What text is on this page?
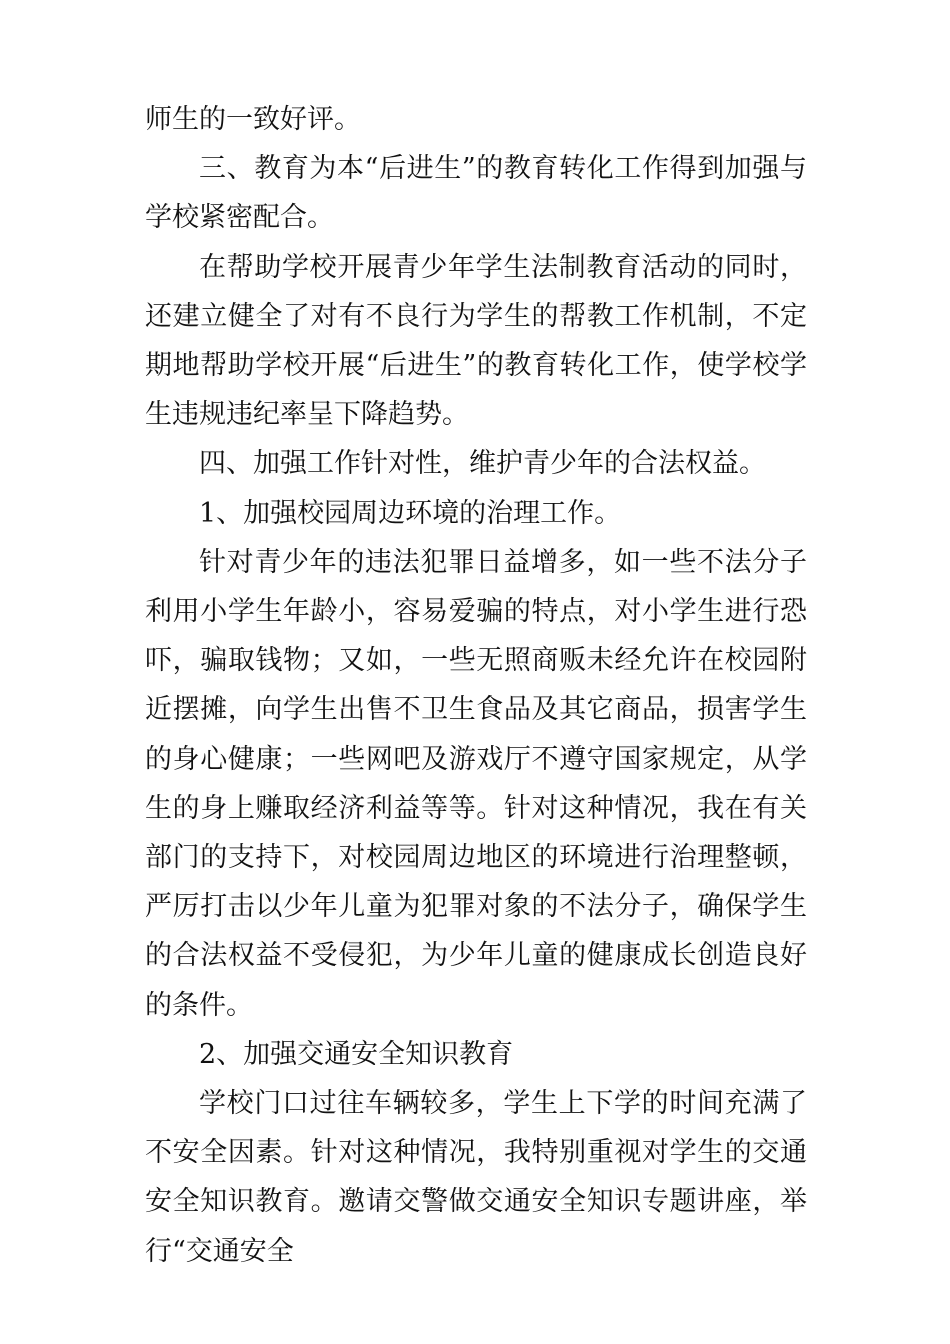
师生的一致好评。

三、教育为本“后进生”的教育转化工作得到加强与学校紧密配合。

在帮助学校开展青少年学生法制教育活动的同时，还建立健全了对有不良行为学生的帮教工作机制，不定期地帮助学校开展“后进生”的教育转化工作，使学校学生违规违纪率呈下降趋势。

四、加强工作针对性，维护青少年的合法权益。

1、加强校园周边环境的治理工作。

针对青少年的违法犯罪日益增多，如一些不法分子利用小学生年龄小，容易爱骗的特点，对小学生进行恐吓，骗取钱物；又如，一些无照商贩未经允许在校园附近摆摊，向学生出售不卫生食品及其它商品，损害学生的身心健康；一些网吧及游戏厅不遵守国家规定，从学生的身上赚取经济利益等等。针对这种情况，我在有关部门的支持下，对校园周边地区的环境进行治理整顿，严厉打击以少年儿童为犯罪对象的不法分子，确保学生的合法权益不受侵犯，为少年儿童的健康成长创造良好的条件。

2、加强交通安全知识教育

学校门口过往车辆较多，学生上下学的时间充满了不安全因素。针对这种情况，我特别重视对学生的交通安全知识教育。邀请交警做交通安全知识专题讲座，举行“交通安全
